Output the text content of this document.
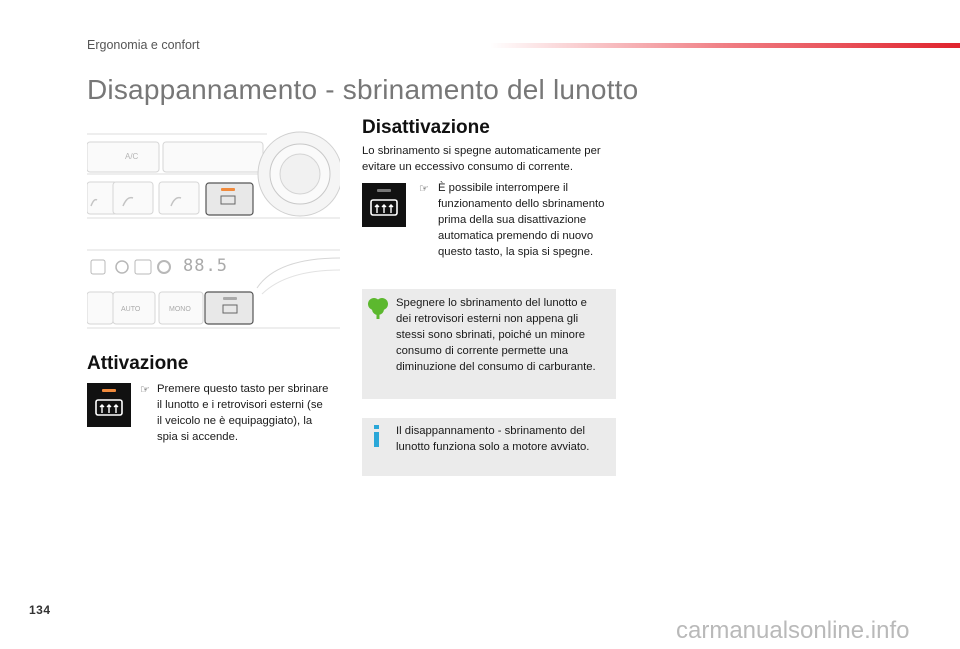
Ergonomia e confort
Disappannamento - sbrinamento del lunotto
A/C
88.5
AUTO	MONO
Attivazione
☞ Premere questo tasto per sbrinare
il lunotto e i retrovisori esterni (se
il veicolo ne è equipaggiato), la
spia si accende.
Disattivazione
Lo sbrinamento si spegne automaticamente per
evitare un eccessivo consumo di corrente.
☞ È possibile interrompere il
funzionamento dello sbrinamento
prima della sua disattivazione
automatica premendo di nuovo
questo tasto, la spia si spegne.
Spegnere lo sbrinamento del lunotto e
dei retrovisori esterni non appena gli
stessi sono sbrinati, poiché un minore
consumo di corrente permette una
diminuzione del consumo di carburante.
Il disappannamento - sbrinamento del
lunotto funziona solo a motore avviato.
134
carmanualsonline.info
